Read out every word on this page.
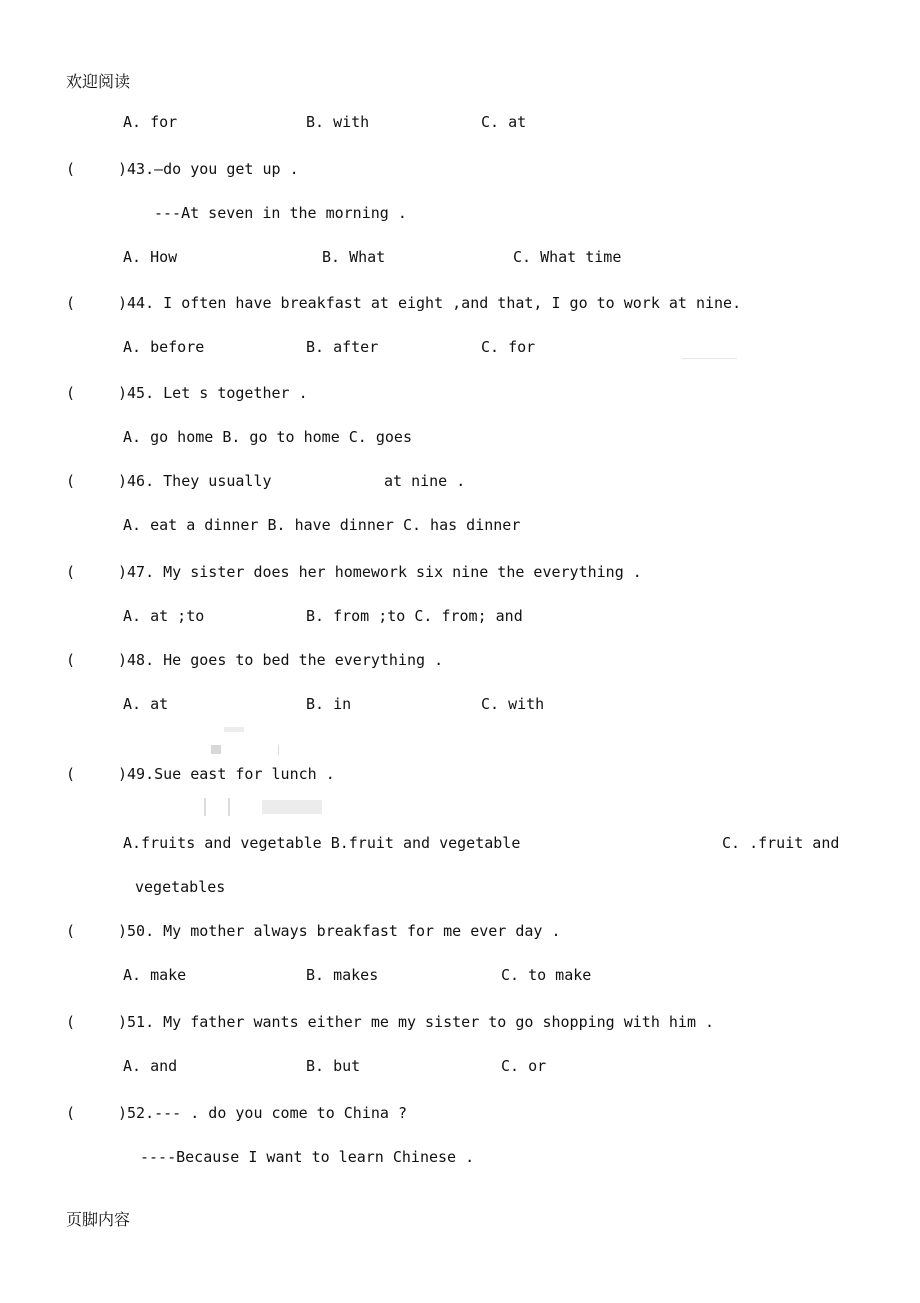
欢迎阅读
A. for	B. with	C. at
(	)43.—do you get up .
---At seven in the morning .
A. How	B. What	C. What time
(	)44. I often have breakfast at eight ,and that, I go to work at nine.
A. before	B. after	C. for
(	)45. Let s together .
A. go home B. go to home C. goes
(	)46. They usually	at nine .
A. eat a dinner B. have dinner C. has dinner
(	)47. My sister does her homework six nine the everything .
A. at ;to	B. from ;to C. from; and
(	)48. He goes to bed the everything .
A. at	B. in	C. with
(	)49.Sue east for lunch .
A.fruits and vegetable B.fruit and vegetable	C. .fruit and
vegetables
(	)50. My mother always breakfast for me ever day .
A. make	B. makes	C. to make
(	)51. My father wants either me my sister to go shopping with him .
A. and	B. but	C. or
(	)52.--- . do you come to China ?
----Because I want to learn Chinese .
页脚内容
